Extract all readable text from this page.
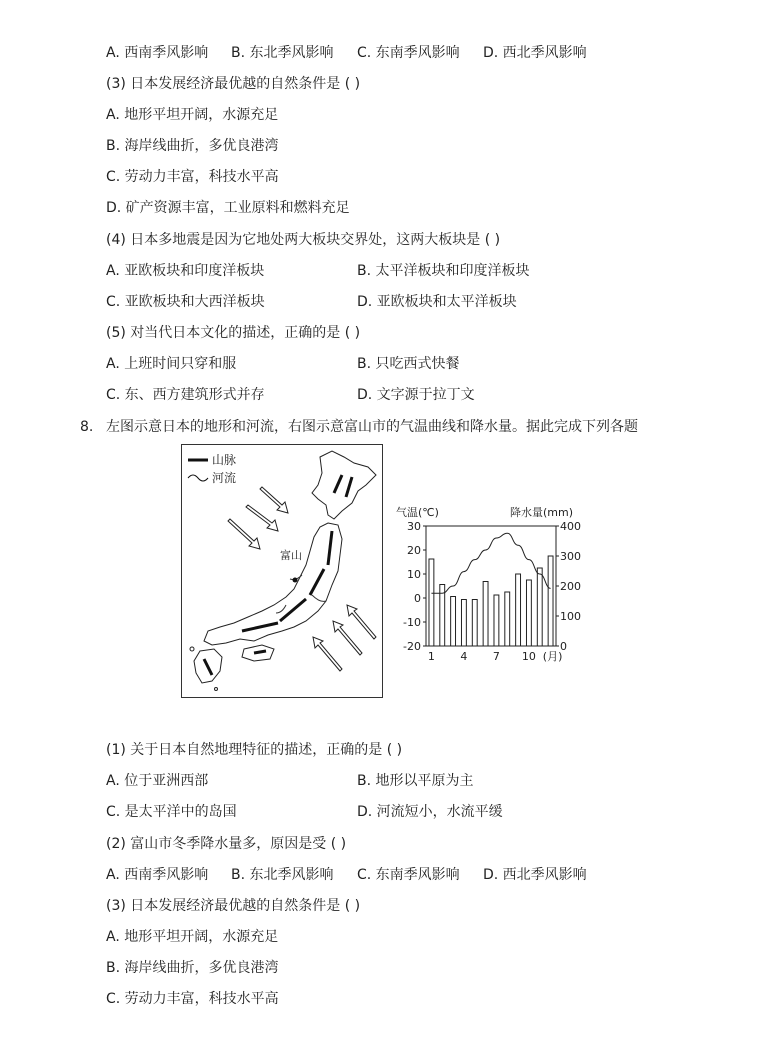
A. 西南季风影响 B. 东北季风影响 C. 东南季风影响 D. 西北季风影响
(3) 日本发展经济最优越的自然条件是 ( )
A. 地形平坦开阔，水源充足
B. 海岸线曲折，多优良港湾
C. 劳动力丰富，科技水平高
D. 矿产资源丰富，工业原料和燃料充足
(4) 日本多地震是因为它地处两大板块交界处，这两大板块是 ( )
A. 亚欧板块和印度洋板块	B. 太平洋板块和印度洋板块
C. 亚欧板块和大西洋板块	D. 亚欧板块和太平洋板块
(5) 对当代日本文化的描述，正确的是 ( )
A. 上班时间只穿和服	B. 只吃西式快餐
C. 东、西方建筑形式并存	D. 文字源于拉丁文
8. 左图示意日本的地形和河流，右图示意富山市的气温曲线和降水量。据此完成下列各题
山脉
河流
富山
气温(℃)	降水量(mm)
30
20
10
0
-10
-20
400
300
200
100
0
1 4 7 10 (月)
(1) 关于日本自然地理特征的描述，正确的是 ( )
A. 位于亚洲西部	B. 地形以平原为主
C. 是太平洋中的岛国	D. 河流短小，水流平缓
(2) 富山市冬季降水量多，原因是受 ( )
A. 西南季风影响 B. 东北季风影响 C. 东南季风影响 D. 西北季风影响
(3) 日本发展经济最优越的自然条件是 ( )
A. 地形平坦开阔，水源充足
B. 海岸线曲折，多优良港湾
C. 劳动力丰富，科技水平高
